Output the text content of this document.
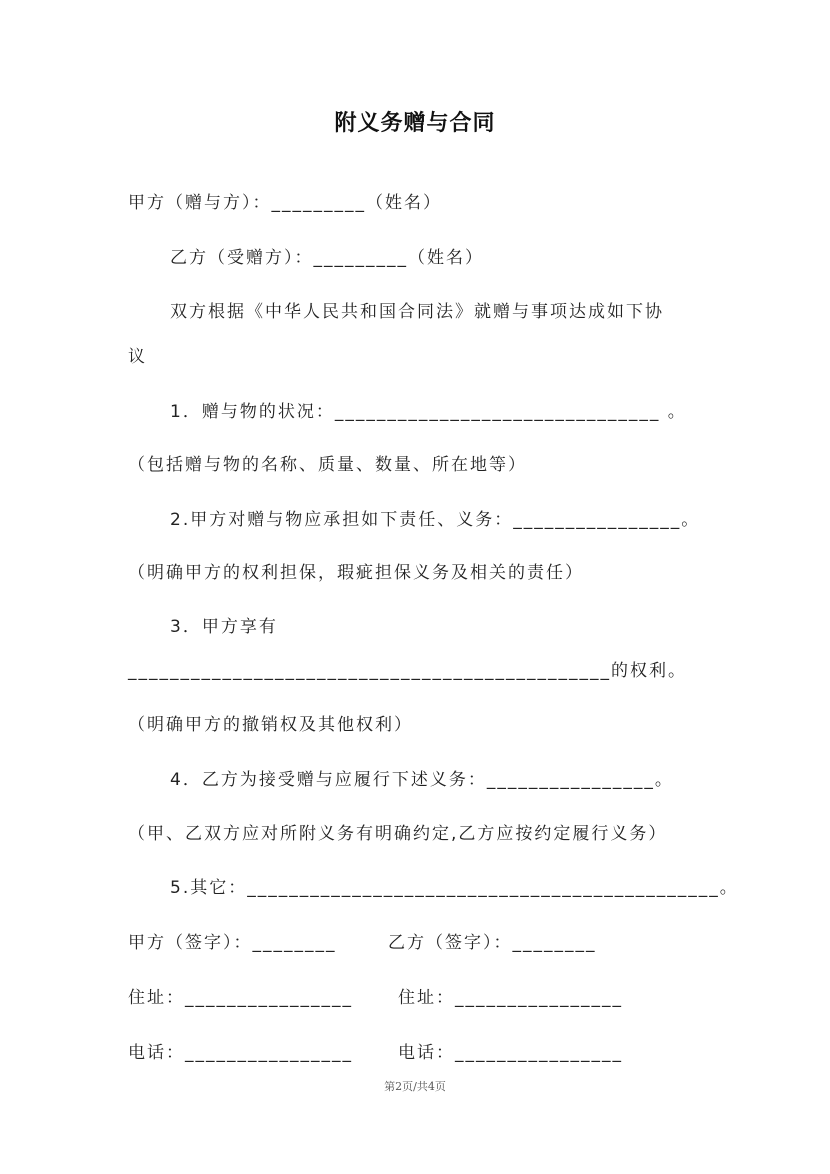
附义务赠与合同
甲方（赠与方）：_________（姓名）
乙方（受赠方）：_________（姓名）
双方根据《中华人民共和国合同法》就赠与事项达成如下协
议
1．赠与物的状况：_______________________________ 。
（包括赠与物的名称、质量、数量、所在地等）
2.甲方对赠与物应承担如下责任、义务：________________。
（明确甲方的权利担保，瑕疵担保义务及相关的责任）
3．甲方享有
______________________________________________的权利。
（明确甲方的撤销权及其他权利）
4．乙方为接受赠与应履行下述义务：________________。
（甲、乙双方应对所附义务有明确约定,乙方应按约定履行义务）
5.其它：_____________________________________________。
甲方（签字）：________	乙方（签字）：________
住址：________________	住址：________________
电话：________________	电话：________________
第2页/共4页
